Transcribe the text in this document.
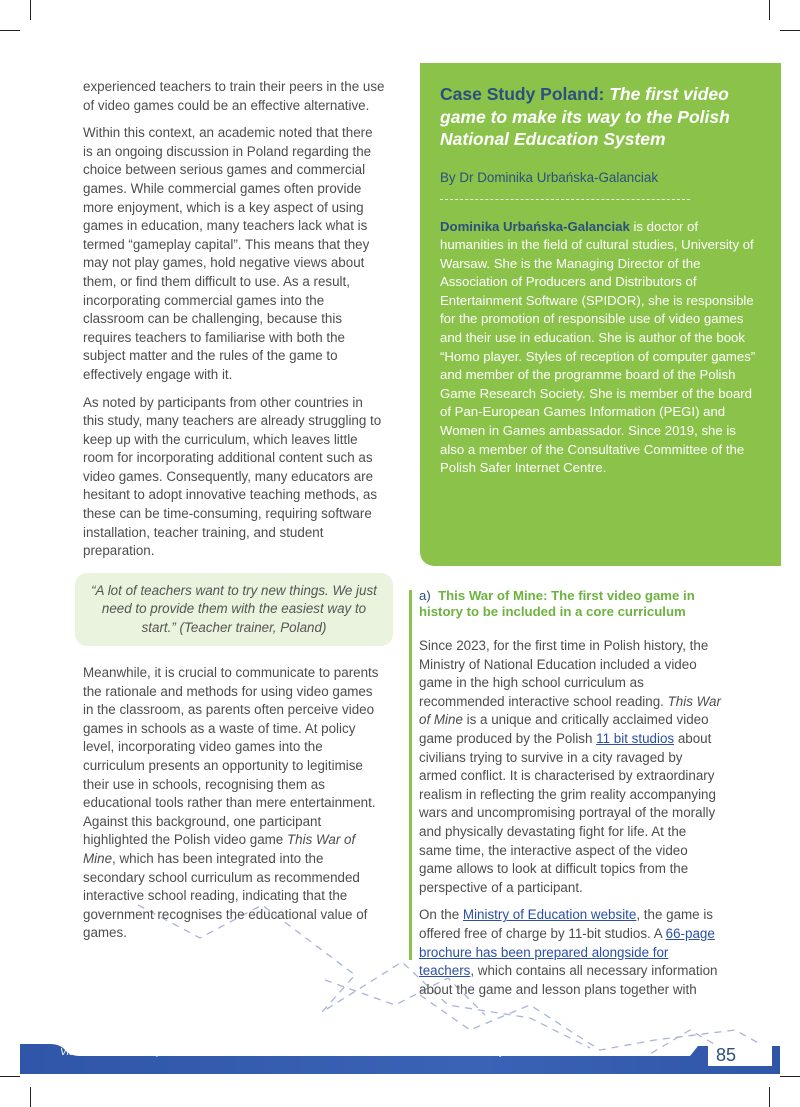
experienced teachers to train their peers in the use of video games could be an effective alternative.

Within this context, an academic noted that there is an ongoing discussion in Poland regarding the choice between serious games and commercial games. While commercial games often provide more enjoyment, which is a key aspect of using games in education, many teachers lack what is termed “gameplay capital”. This means that they may not play games, hold negative views about them, or find them difficult to use. As a result, incorporating commercial games into the classroom can be challenging, because this requires teachers to familiarise with both the subject matter and the rules of the game to effectively engage with it.

As noted by participants from other countries in this study, many teachers are already struggling to keep up with the curriculum, which leaves little room for incorporating additional content such as video games. Consequently, many educators are hesitant to adopt innovative teaching methods, as these can be time-consuming, requiring software installation, teacher training, and student preparation.

“A lot of teachers want to try new things. We just need to provide them with the easiest way to start.” (Teacher trainer, Poland)

Meanwhile, it is crucial to communicate to parents the rationale and methods for using video games in the classroom, as parents often perceive video games in schools as a waste of time. At policy level, incorporating video games into the curriculum presents an opportunity to legitimise their use in schools, recognising them as educational tools rather than mere entertainment. Against this background, one participant highlighted the Polish video game This War of Mine, which has been integrated into the secondary school curriculum as recommended interactive school reading, indicating that the government recognises the educational value of games.

Case Study Poland: The first video game to make its way to the Polish National Education System
By Dr Dominika Urbańska-Galanciak
Dominika Urbańska-Galanciak is doctor of humanities in the field of cultural studies, University of Warsaw. She is the Managing Director of the Association of Producers and Distributors of Entertainment Software (SPIDOR), she is responsible for the promotion of responsible use of video games and their use in education. She is author of the book “Homo player. Styles of reception of computer games” and member of the programme board of the Polish Game Research Society. She is member of the board of Pan-European Games Information (PEGI) and Women in Games ambassador. Since 2019, she is also a member of the Consultative Committee of the Polish Safer Internet Centre.

a) This War of Mine: The first video game in history to be included in a core curriculum

Since 2023, for the first time in Polish history, the Ministry of National Education included a video game in the high school curriculum as recommended interactive school reading. This War of Mine is a unique and critically acclaimed video game produced by the Polish 11 bit studios about civilians trying to survive in a city ravaged by armed conflict. It is characterised by extraordinary realism in reflecting the grim reality accompanying wars and uncompromising portrayal of the morally and physically devastating fight for life. At the same time, the interactive aspect of the video game allows to look at difficult topics from the perspective of a participant.

On the Ministry of Education website, the game is offered free of charge by 11-bit studios. A 66-page brochure has been prepared alongside for teachers, which contains all necessary information about the game and lesson plans together with

Video Games in European Schools: Results from the Games in Schools 2023-2024 Research Project	85
